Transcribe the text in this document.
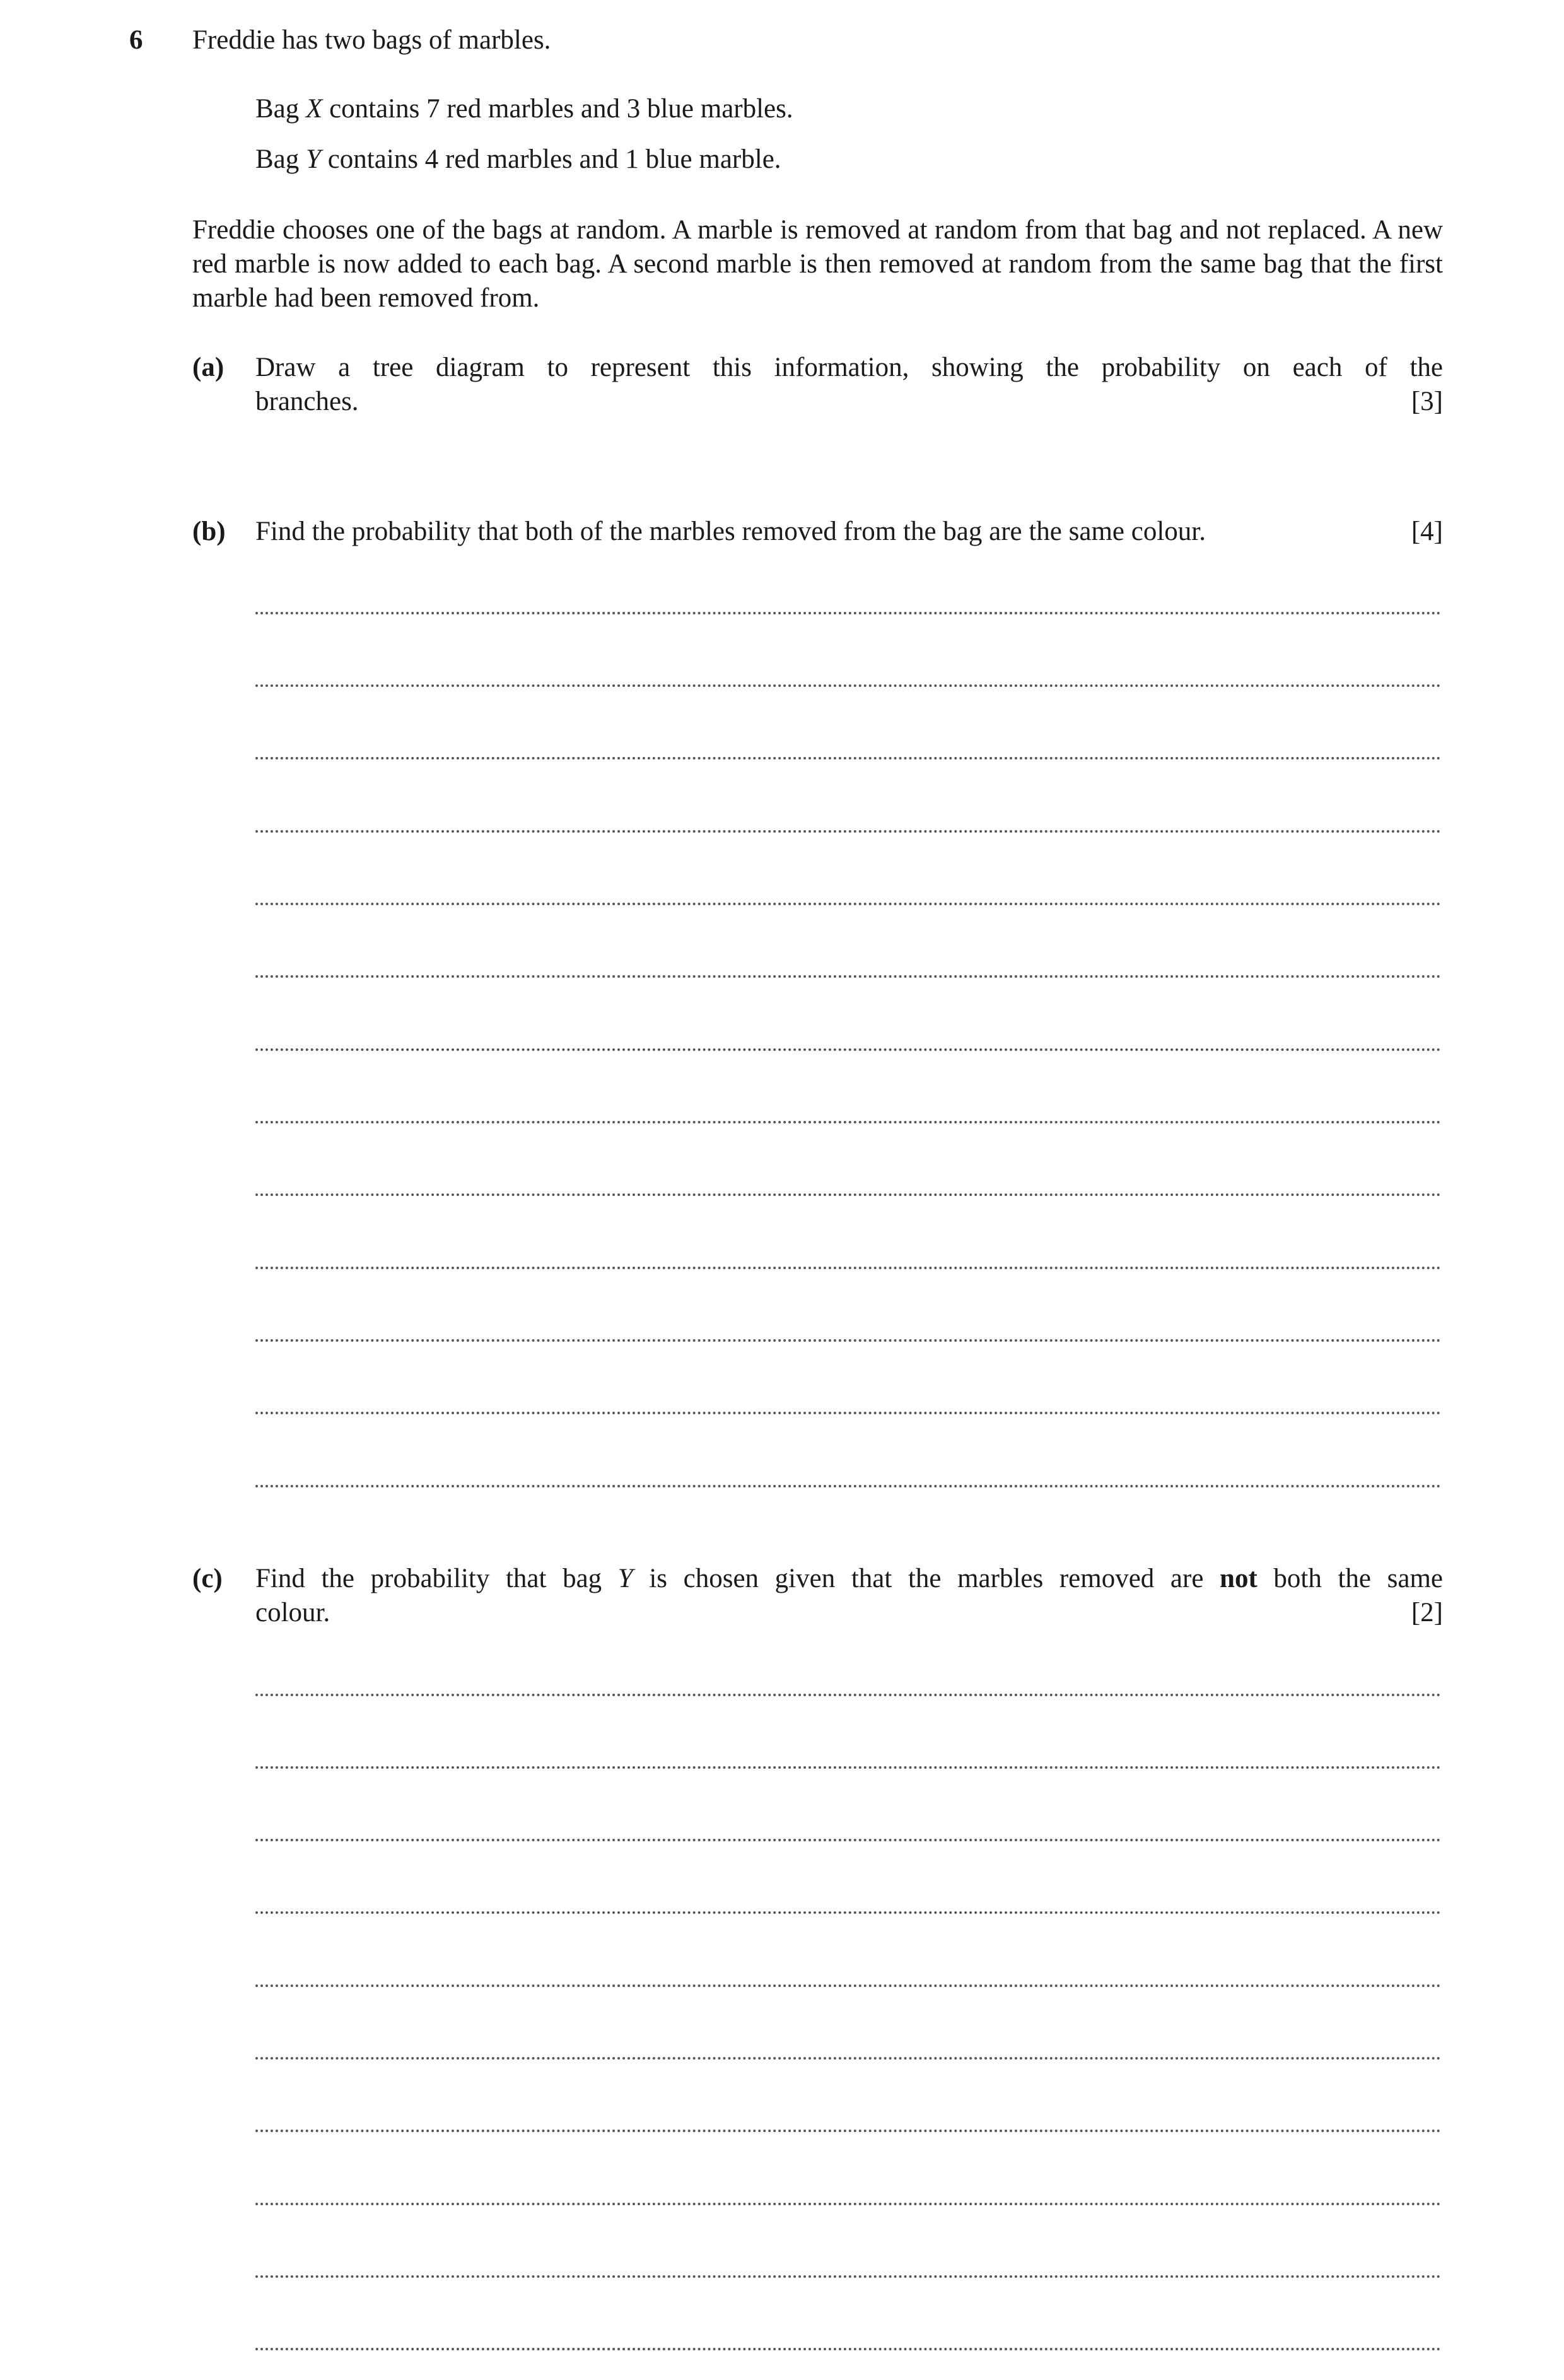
6 Freddie has two bags of marbles.
Bag X contains 7 red marbles and 3 blue marbles.
Bag Y contains 4 red marbles and 1 blue marble.

Freddie chooses one of the bags at random. A marble is removed at random from that bag and not replaced. A new red marble is now added to each bag. A second marble is then removed at random from the same bag that the first marble had been removed from.

(a) Draw a tree diagram to represent this information, showing the probability on each of the
branches.	[3]
(b) Find the probability that both of the marbles removed from the bag are the same colour.	[4]
(c) Find the probability that bag Y is chosen given that the marbles removed are not both the same
colour.	[2]
